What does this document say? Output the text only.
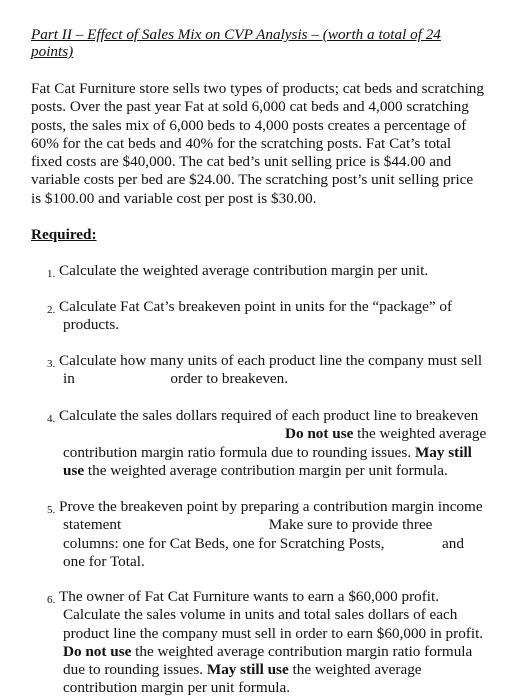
Part II – Effect of Sales Mix on CVP Analysis – (worth a total of 24
points)
Fat Cat Furniture store sells two types of products; cat beds and scratching
posts. Over the past year Fat at sold 6,000 cat beds and 4,000 scratching
posts, the sales mix of 6,000 beds to 4,000 posts creates a percentage of
60% for the cat beds and 40% for the scratching posts. Fat Cat’s total
fixed costs are $40,000. The cat bed’s unit selling price is $44.00 and
variable costs per bed are $24.00. The scratching post’s unit selling price
is $100.00 and variable cost per post is $30.00.
Required:
1. Calculate the weighted average contribution margin per unit.
2. Calculate Fat Cat’s breakeven point in units for the “package” of
products.
3. Calculate how many units of each product line the company must sell
in	order to breakeven.
4. Calculate the sales dollars required of each product line to breakeven
Do not use the weighted average
contribution margin ratio formula due to rounding issues. May still
use the weighted average contribution margin per unit formula.
5. Prove the breakeven point by preparing a contribution margin income
statement	Make sure to provide three
columns: one for Cat Beds, one for Scratching Posts,	and
one for Total.
6. The owner of Fat Cat Furniture wants to earn a $60,000 profit.
Calculate the sales volume in units and total sales dollars of each
product line the company must sell in order to earn $60,000 in profit.
Do not use the weighted average contribution margin ratio formula
due to rounding issues. May still use the weighted average
contribution margin per unit formula.
